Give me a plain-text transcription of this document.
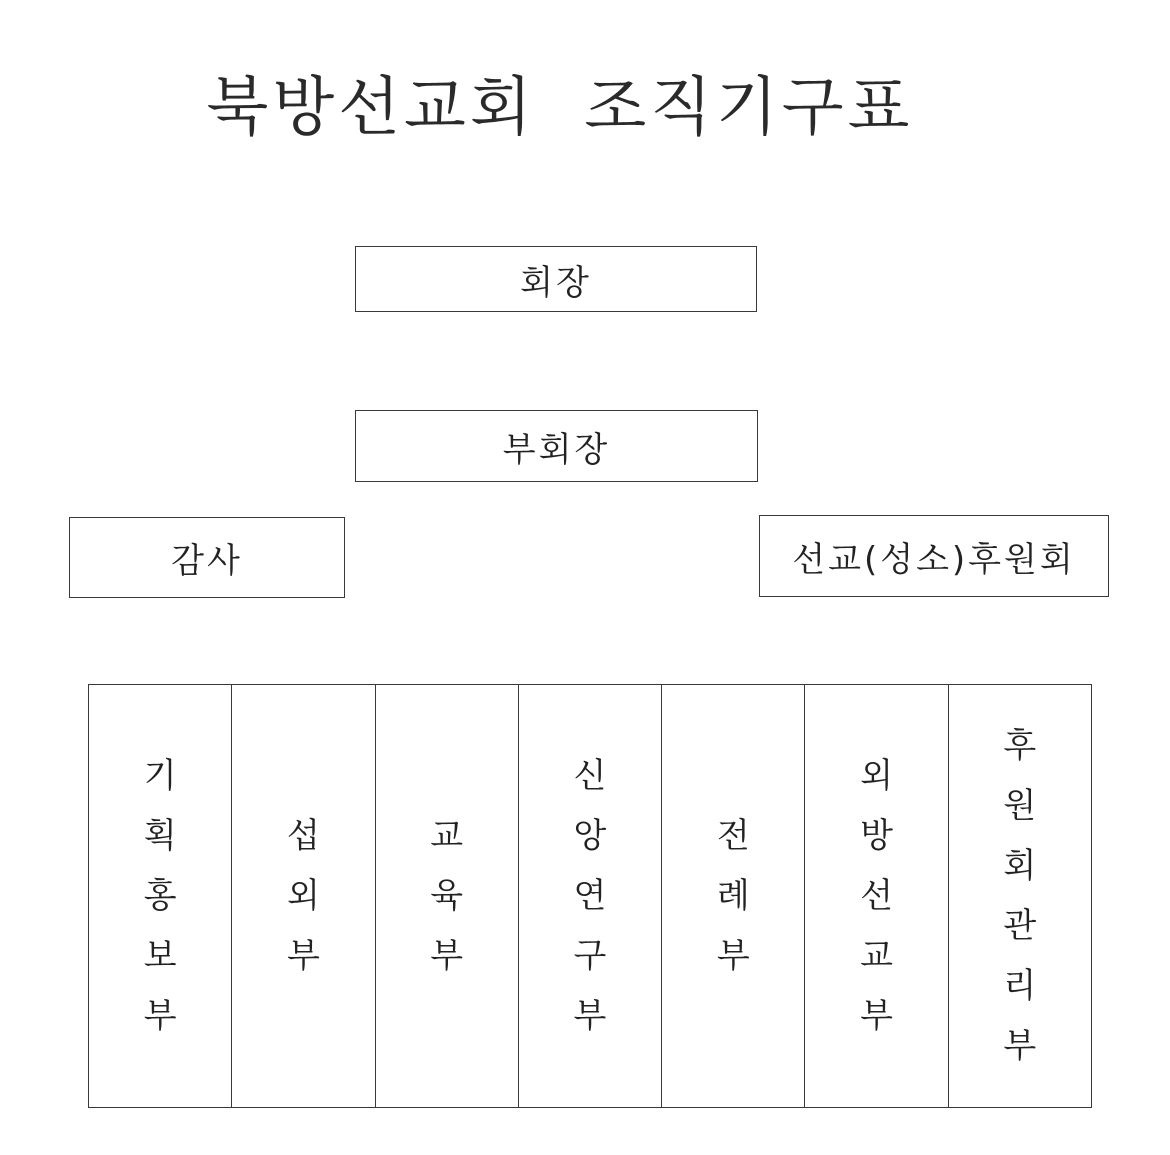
북방선교회  조직기구표
회장
부회장
감사	선교(성소)후원회
기
획
홍
보
부
섭
외
부
교
육
부
신
앙
연
구
부
전
례
부
외
방
선
교
부
후
원
회
관
리
부
